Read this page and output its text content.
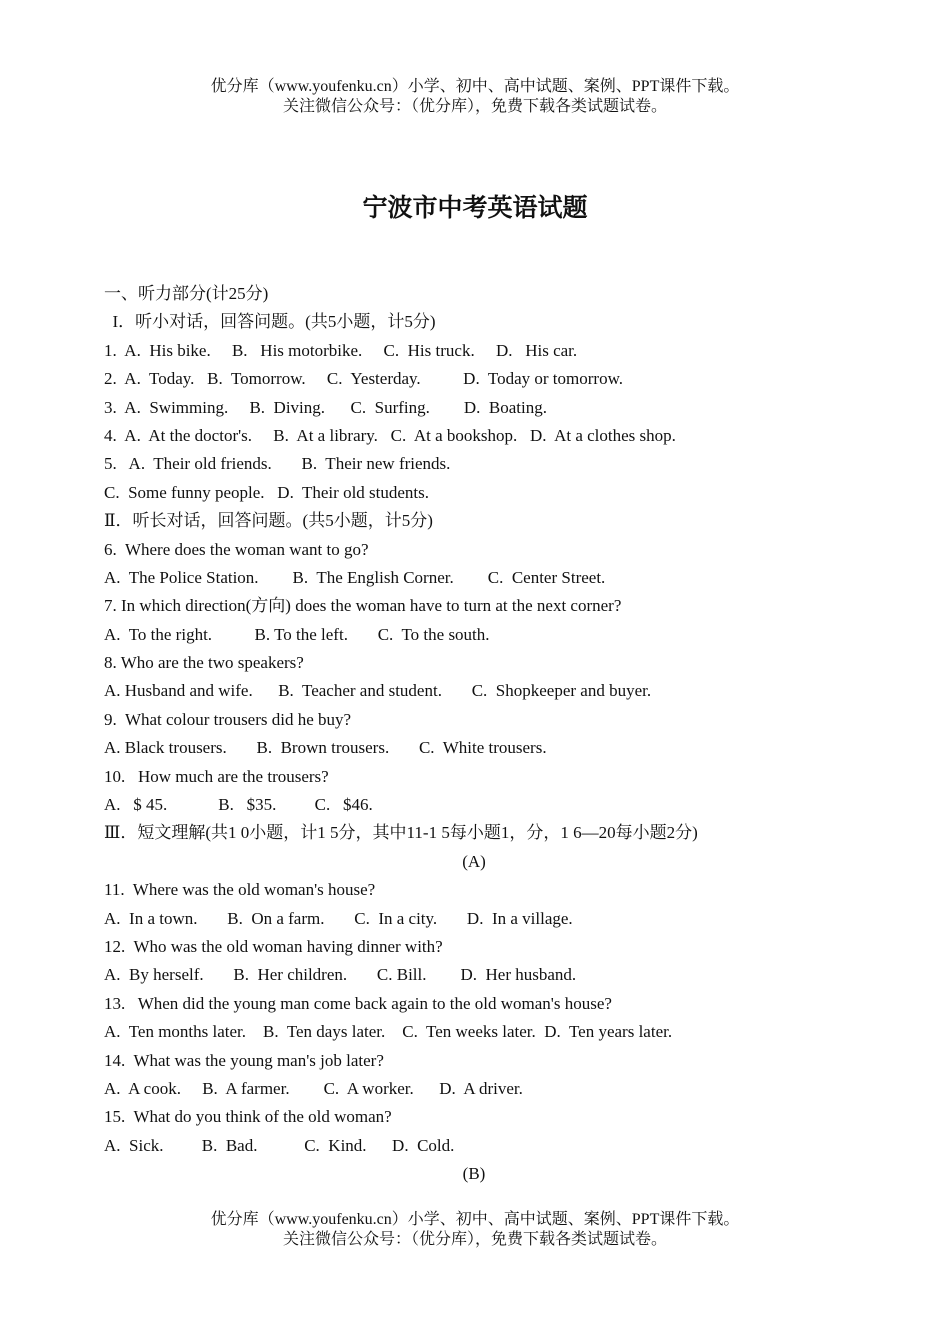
优分库（www.youfenku.cn）小学、初中、高中试题、案例、PPT课件下载。
关注微信公众号：（优分库），免费下载各类试题试卷。
宁波市中考英语试题
一、听力部分(计25分)
I．听小对话，回答问题。(共5小题，计5分)
1.  A.  His bike.     B.   His motorbike.     C.  His truck.     D.   His car.
2.  A.  Today.   B.  Tomorrow.     C.  Yesterday.          D.  Today or tomorrow.
3.  A.  Swimming.     B.  Diving.      C.  Surfing.        D.  Boating.
4.  A.  At the doctor's.     B.  At a library.   C.  At a bookshop.   D.  At a clothes shop.
5.   A.  Their old friends.       B.  Their new friends.
C.  Some funny people.   D.  Their old students.
Ⅱ．听长对话，回答问题。(共5小题，计5分)
6.  Where does the woman want to go?
A.  The Police Station.        B.  The English Corner.        C.  Center Street.
7. In which direction(方向) does the woman have to turn at the next corner?
A.  To the right.          B. To the left.       C.  To the south.
8. Who are the two speakers?
A. Husband and wife.      B.  Teacher and student.       C.  Shopkeeper and buyer.
9.  What colour trousers did he buy?
A. Black trousers.       B.  Brown trousers.       C.  White trousers.
10.   How much are the trousers?
A.   $ 45.            B.   $35.         C.   $46.
Ⅲ．短文理解(共1 0小题，计1 5分，其中11-1 5每小题1，分，1 6—20每小题2分)
(A)
11.  Where was the old woman's house?
A.  In a town.       B.  On a farm.       C.  In a city.       D.  In a village.
12.  Who was the old woman having dinner with?
A.  By herself.       B.  Her children.       C. Bill.        D.  Her husband.
13.   When did the young man come back again to the old woman's house?
A.  Ten months later.    B.  Ten days later.    C.  Ten weeks later.  D.  Ten years later.
14.  What was the young man's job later?
A.  A cook.     B.  A farmer.        C.  A worker.      D.  A driver.
15.  What do you think of the old woman?
A.  Sick.         B.  Bad.           C.  Kind.      D.  Cold.
(B)
优分库（www.youfenku.cn）小学、初中、高中试题、案例、PPT课件下载。
关注微信公众号：（优分库），免费下载各类试题试卷。
